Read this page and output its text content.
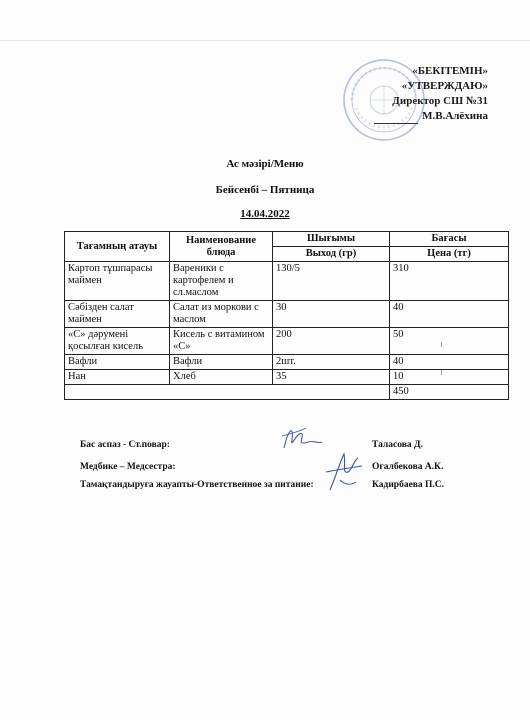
«БЕКІТЕМІН»
«УТВЕРЖДАЮ»
Директор СШ №31
М.В.Алёхина
Ас мәзірі/Меню
Бейсенбі – Пятница
14.04.2022
Тағамның атауы	Наименование блюда	Шығымы	Бағасы
		Выход (гр)	Цена (тг)
Картоп тұшпарасы маймен	Вареники с картофелем и сл.маслом	130/5	310
Сәбізден салат маймен	Салат из моркови с маслом	30	40
«С» дәрумені қосылған кисель	Кисель с витамином «С»	200	50
Вафли	Вафли	2шт.	40
Нан	Хлеб	35	10
			450
Бас аспаз - Ст.повар:	Таласова Д.
Медбике – Медсестра:	Оғалбекова А.К.
Тамақтандыруға жауапты-Ответственное за питание:	Кадирбаева П.С.
